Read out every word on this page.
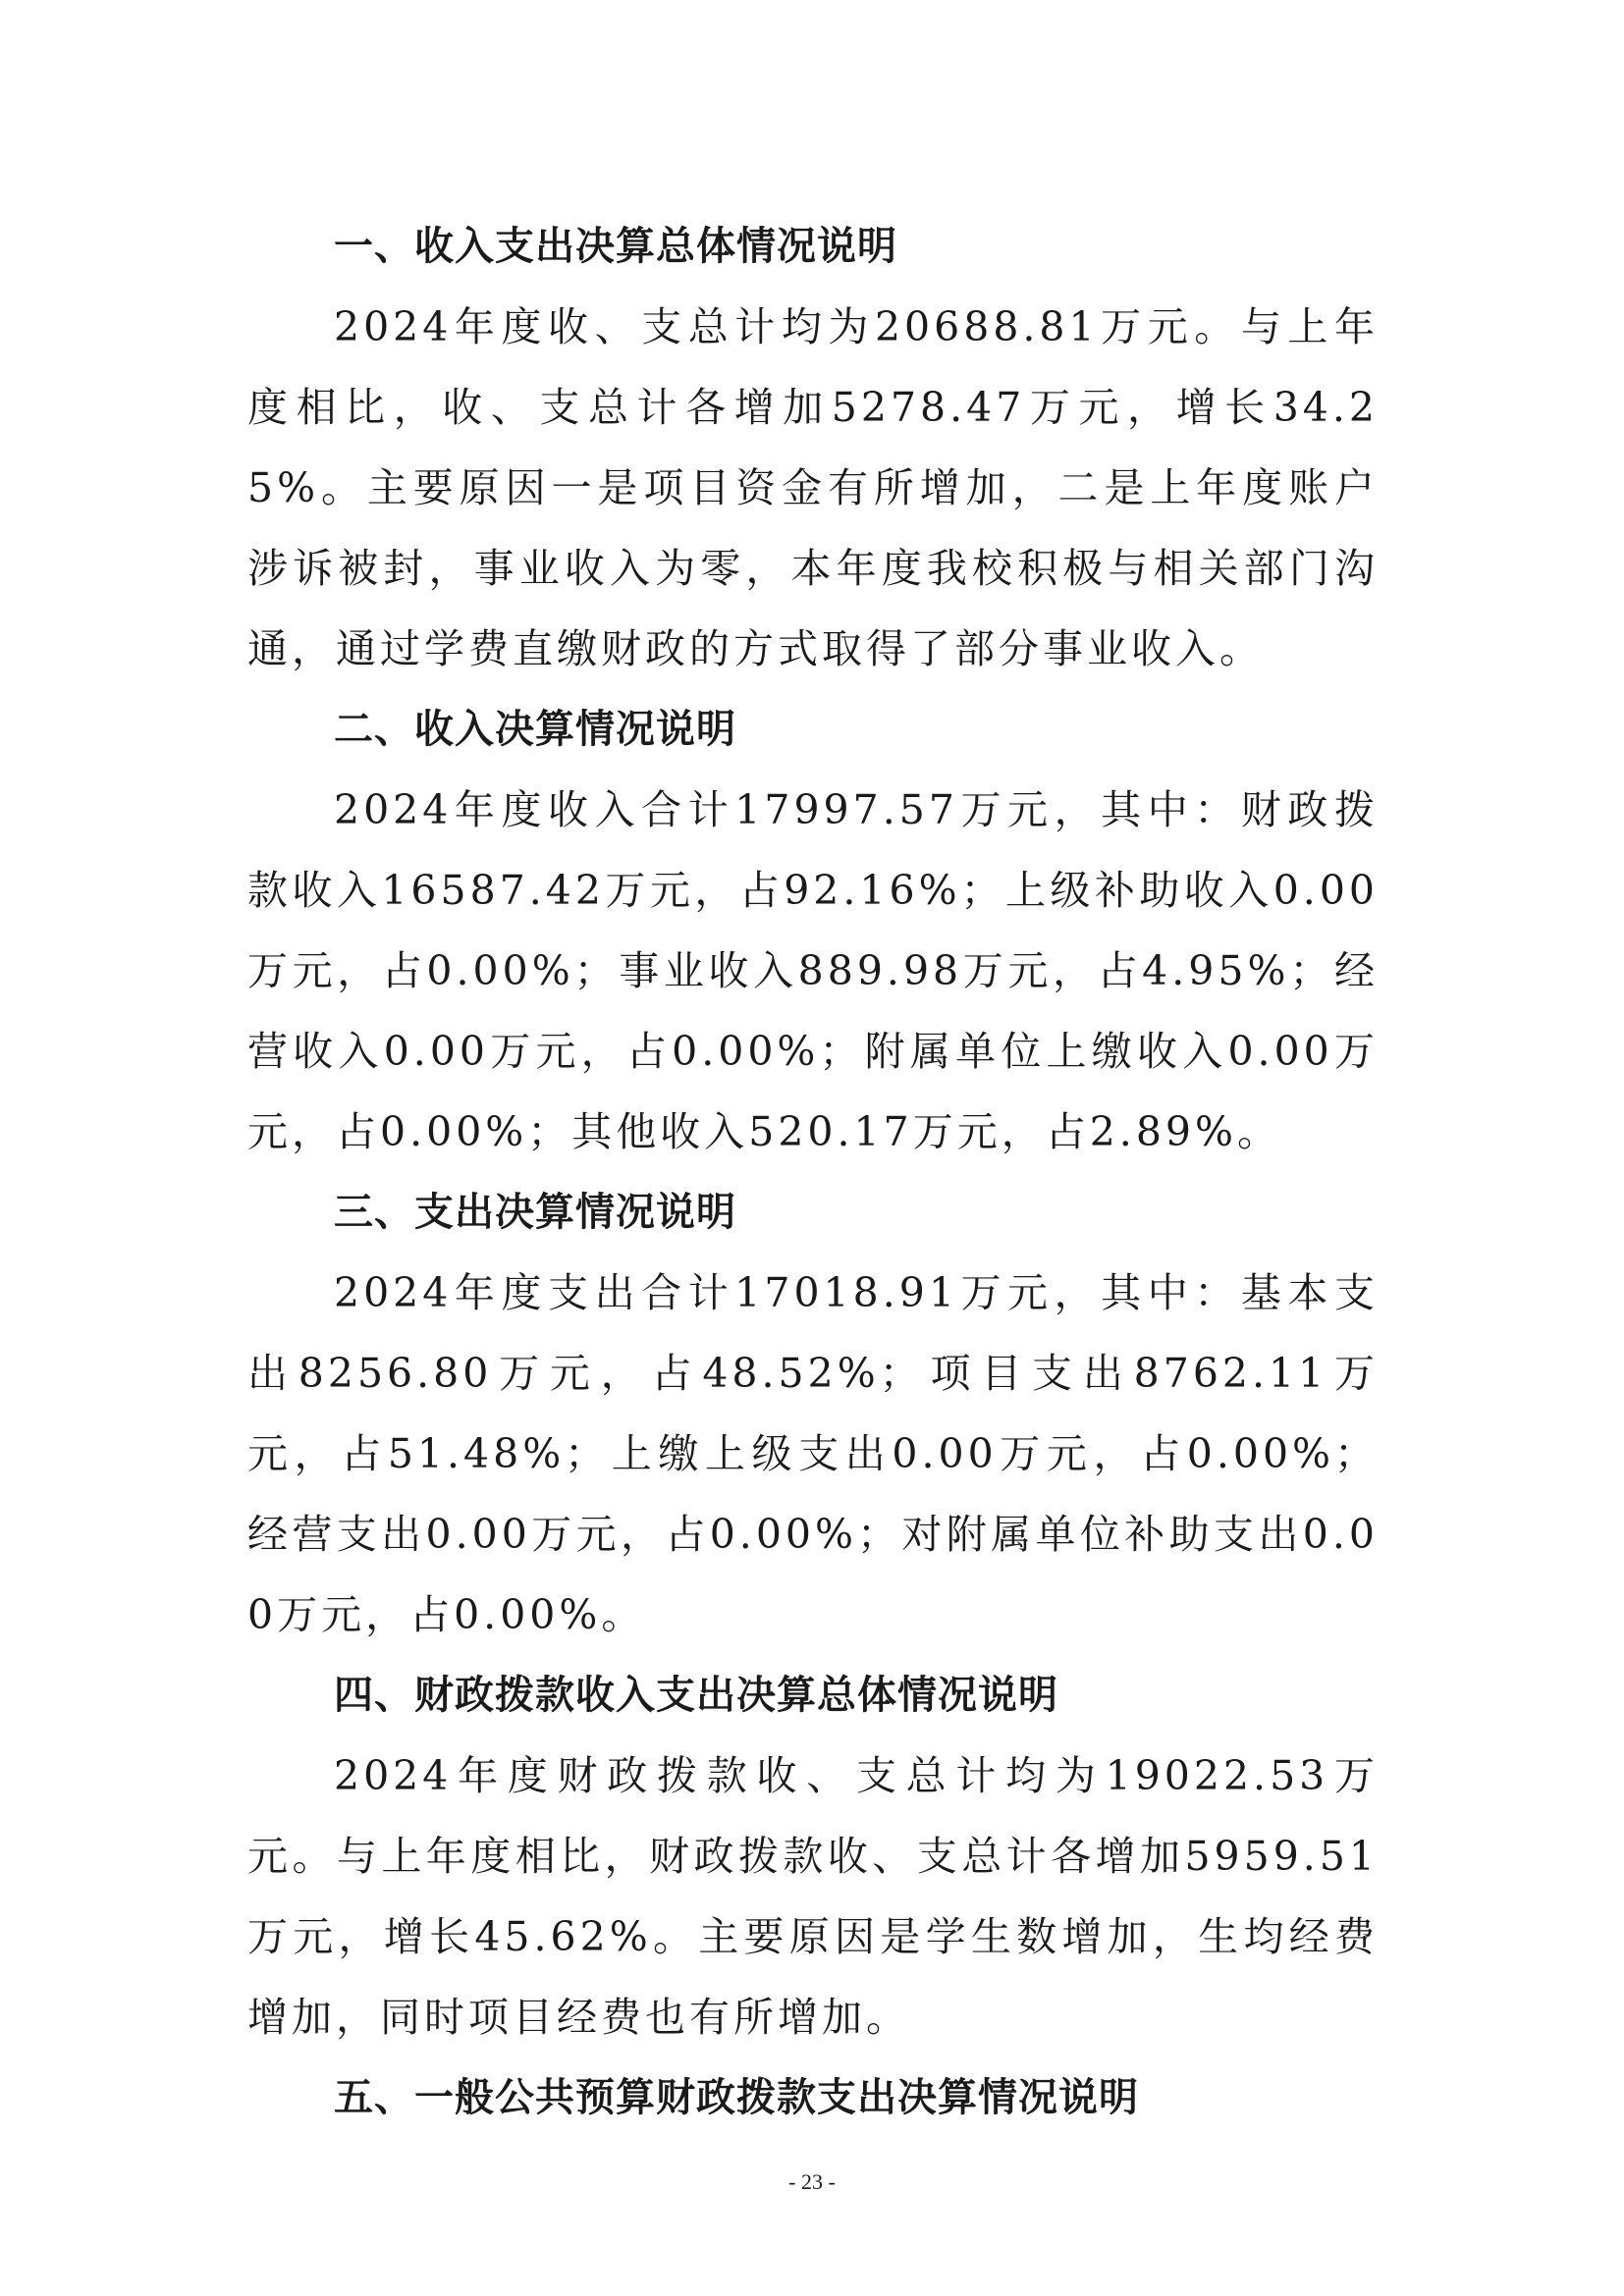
一、收入支出决算总体情况说明

2024年度收、支总计均为20688.81万元。与上年度相比，收、支总计各增加5278.47万元，增长34.25%。主要原因一是项目资金有所增加，二是上年度账户涉诉被封，事业收入为零，本年度我校积极与相关部门沟通，通过学费直缴财政的方式取得了部分事业收入。

二、收入决算情况说明

2024年度收入合计17997.57万元，其中：财政拨款收入16587.42万元，占92.16%；上级补助收入0.00万元，占0.00%；事业收入889.98万元，占4.95%；经营收入0.00万元，占0.00%；附属单位上缴收入0.00万元，占0.00%；其他收入520.17万元，占2.89%。

三、支出决算情况说明

2024年度支出合计17018.91万元，其中：基本支出8256.80万元，占48.52%；项目支出8762.11万元，占51.48%；上缴上级支出0.00万元，占0.00%；经营支出0.00万元，占0.00%；对附属单位补助支出0.00万元，占0.00%。

四、财政拨款收入支出决算总体情况说明

2024年度财政拨款收、支总计均为19022.53万元。与上年度相比，财政拨款收、支总计各增加5959.51万元，增长45.62%。主要原因是学生数增加，生均经费增加，同时项目经费也有所增加。

五、一般公共预算财政拨款支出决算情况说明
- 23 -
